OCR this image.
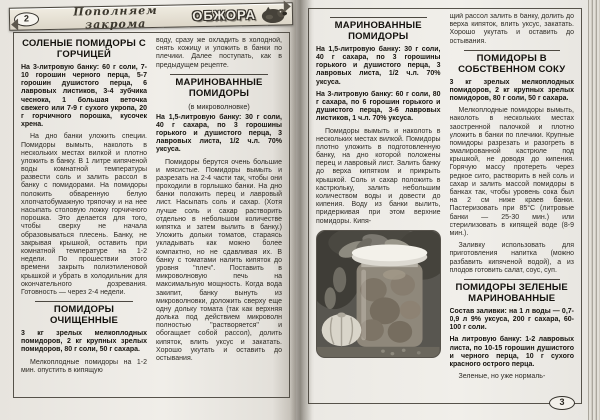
2	Пополняем закрома
ОБЖОРА
СОЛЕНЫЕ ПОМИДОРЫ С ГОРЧИЦЕЙ

На 3-литровую банку: 60 г соли, 7-10 горошин черного перца, 5-7 горошин душистого перца, 6 лавровых листиков, 3-4 зубчика чеснока, 1 большая веточка свежего или 7-9 г сухого укропа, 20 г горчичного порошка, кусочек хрена.

На дно банки уложить специи. Помидоры вымыть, наколоть в нескольких местах вилкой и плотно уложить в банку. В 1 литре кипяченой воды комнатной температуры развести соль и залить рассол в банку с помидорами. На помидоры положить обваренную белую хлопчатобумажную тряпочку и на нее насыпать столовую ложку горчичного порошка. Это делается для того, чтобы сверху не начала образовываться плесень. Банку, не закрывая крышкой, оставить при комнатной температуре на 1-2 недели. По прошествии этого времени закрыть полиэтиленовой крышкой и убрать в холодильник для окончательного дозревания. Готовность — через 2-4 недели.

ПОМИДОРЫ ОЧИЩЕННЫЕ

3 кг зрелых мелкоплодных помидоров, 2 кг крупных зрелых помидоров, 80 г соли, 50 г сахара.

Мелкоплодные помидоры на 1-2 мин. опустить в кипящую

воду, сразу же охладить в холодной, снять кожицу и уложить в банки по плечики. Далее поступать, как в предыдущем рецепте.

МАРИНОВАННЫЕ ПОМИДОРЫ
(в микроволновке)

На 1,5-литровую банку: 30 г соли, 40 г сахара, по 3 горошины горького и душистого перца, 3 лавровых листа, 1/2 ч.л. 70% уксуса.

Помидоры берутся очень большие и мясистые. Помидоры вымыть и разрезать на 2-4 части так, чтобы они проходили в горлышко банки. На дно банки положить перец и лавровый лист. Насыпать соль и сахар. (Хотя лучше соль и сахар растворить отдельно в небольшом количестве кипятка и затем вылить в банку.) Уложить дольки томатов, стараясь укладывать как можно более компактно, но не сдавливая их. В банку с томатами налить кипяток до уровня "плеч". Поставить в микроволновую печь на максимальную мощность. Когда вода закипит, банку вынуть из микроволновки, доложить сверху еще одну дольку томата (так как верхняя долька под действием микроволн полностью "растворяется" и обогащает собой рассол), долить кипяток, влить уксус и закатать. Хорошо укутать и оставить до остывания.

МАРИНОВАННЫЕ ПОМИДОРЫ

На 1,5-литровую банку: 30 г соли, 40 г сахара, по 3 горошины горького и душистого перца, 3 лавровых листа, 1/2 ч.л. 70% уксуса.

На 3-литровую банку: 60 г соли, 80 г сахара, по 6 горошин горького и душистого перца, 3-6 лавровых листиков, 1 ч.л. 70% уксуса.

Помидоры вымыть и наколоть в нескольких местах вилкой. Помидоры плотно уложить в подготовленную банку, на дно которой положены перец и лавровый лист. Залить банку до верха кипятком и прикрыть крышкой. Соль и сахар положить в кастрюльку, залить небольшим количеством воды и довести до кипения. Воду из банки вылить, придерживая при этом верхние помидоры. Кипя-

щий рассол залить в банку, долить до верха кипяток, влить уксус, закатать. Хорошо укутать и оставить до остывания.

ПОМИДОРЫ В СОБСТВЕННОМ СОКУ

3 кг зрелых мелкоплодных помидоров, 2 кг крупных зрелых помидоров, 80 г соли, 50 г сахара.

Мелкоплодные помидоры вымыть, наколоть в нескольких местах заостренной палочкой и плотно уложить в банки по плечики. Крупные помидоры разрезать и разогреть в эмалированной кастрюле под крышкой, не доводя до кипения. Горячую массу протереть через редкое сито, растворить в ней соль и сахар и залить массой помидоры в банках так, чтобы уровень сока был на 2 см ниже краев банки. Пастеризовать при 85°С (литровые банки — 25-30 мин.) или стерилизовать в кипящей воде (8-9 мин.).

Заливку использовать для приготовления напитка (можно разбавить кипяченой водой), а из плодов готовить салат, соус, суп.

ПОМИДОРЫ ЗЕЛЕНЫЕ МАРИНОВАННЫЕ

Состав заливки: на 1 л воды — 0,7-0,9 л 9% уксуса, 200 г сахара, 60-100 г соли.

На литровую банку: 1-2 лавровых листа, по 10-15 горошин душистого и черного перца, 10 г сухого красного острого перца.

Зеленые, но уже нормаль-

3
